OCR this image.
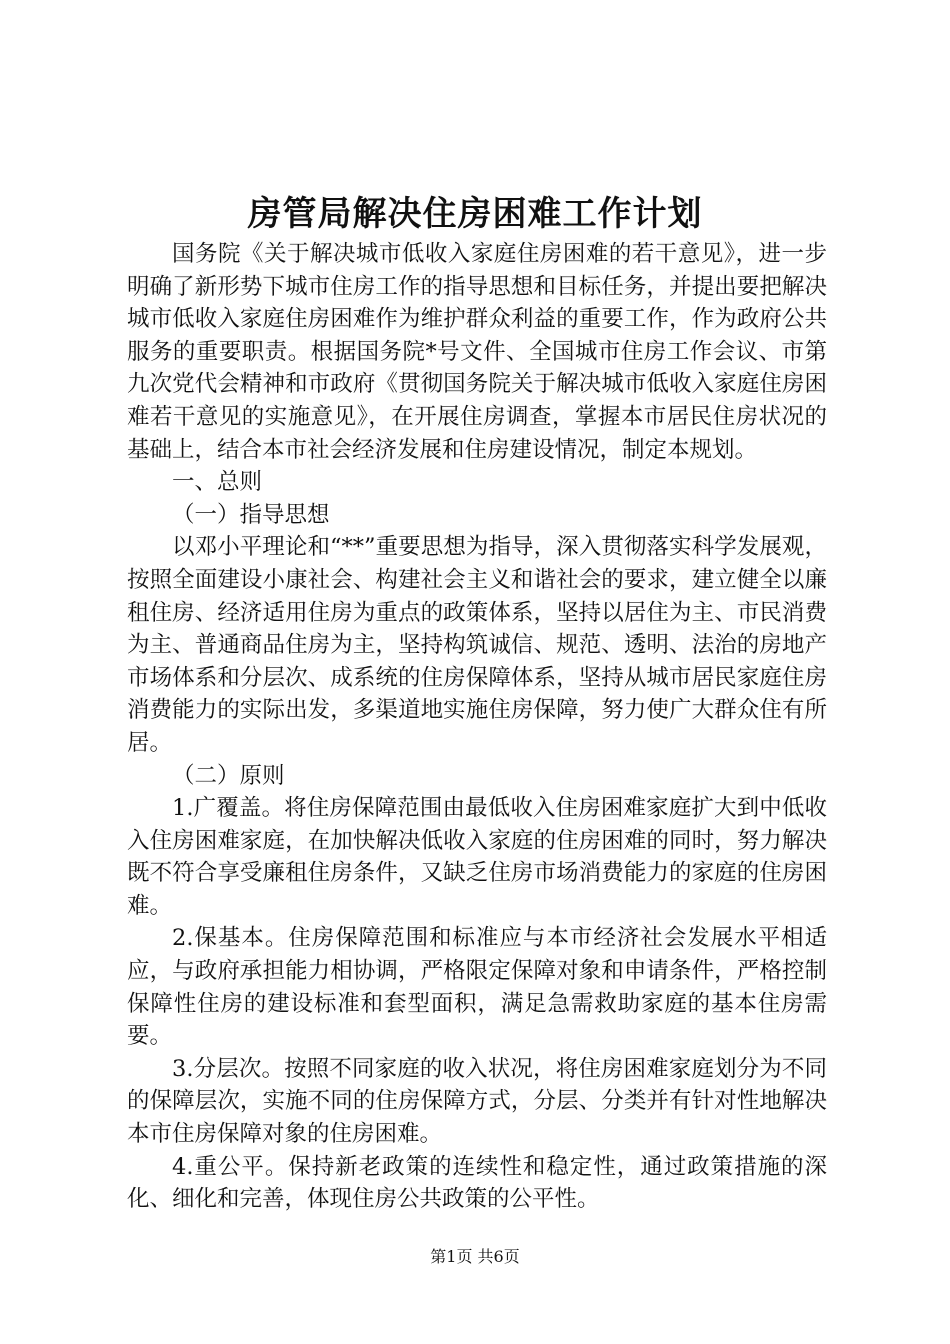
房管局解决住房困难工作计划

国务院《关于解决城市低收入家庭住房困难的若干意见》，进一步明确了新形势下城市住房工作的指导思想和目标任务，并提出要把解决城市低收入家庭住房困难作为维护群众利益的重要工作，作为政府公共服务的重要职责。根据国务院*号文件、全国城市住房工作会议、市第九次党代会精神和市政府《贯彻国务院关于解决城市低收入家庭住房困难若干意见的实施意见》，在开展住房调查，掌握本市居民住房状况的基础上，结合本市社会经济发展和住房建设情况，制定本规划。

一、总则

（一）指导思想

以邓小平理论和“**”重要思想为指导，深入贯彻落实科学发展观，按照全面建设小康社会、构建社会主义和谐社会的要求，建立健全以廉租住房、经济适用住房为重点的政策体系，坚持以居住为主、市民消费为主、普通商品住房为主，坚持构筑诚信、规范、透明、法治的房地产市场体系和分层次、成系统的住房保障体系，坚持从城市居民家庭住房消费能力的实际出发，多渠道地实施住房保障，努力使广大群众住有所居。

（二）原则

1.广覆盖。将住房保障范围由最低收入住房困难家庭扩大到中低收入住房困难家庭，在加快解决低收入家庭的住房困难的同时，努力解决既不符合享受廉租住房条件，又缺乏住房市场消费能力的家庭的住房困难。

2.保基本。住房保障范围和标准应与本市经济社会发展水平相适应，与政府承担能力相协调，严格限定保障对象和申请条件，严格控制保障性住房的建设标准和套型面积，满足急需救助家庭的基本住房需要。

3.分层次。按照不同家庭的收入状况，将住房困难家庭划分为不同的保障层次，实施不同的住房保障方式，分层、分类并有针对性地解决本市住房保障对象的住房困难。

4.重公平。保持新老政策的连续性和稳定性，通过政策措施的深化、细化和完善，体现住房公共政策的公平性。

第1页 共6页
